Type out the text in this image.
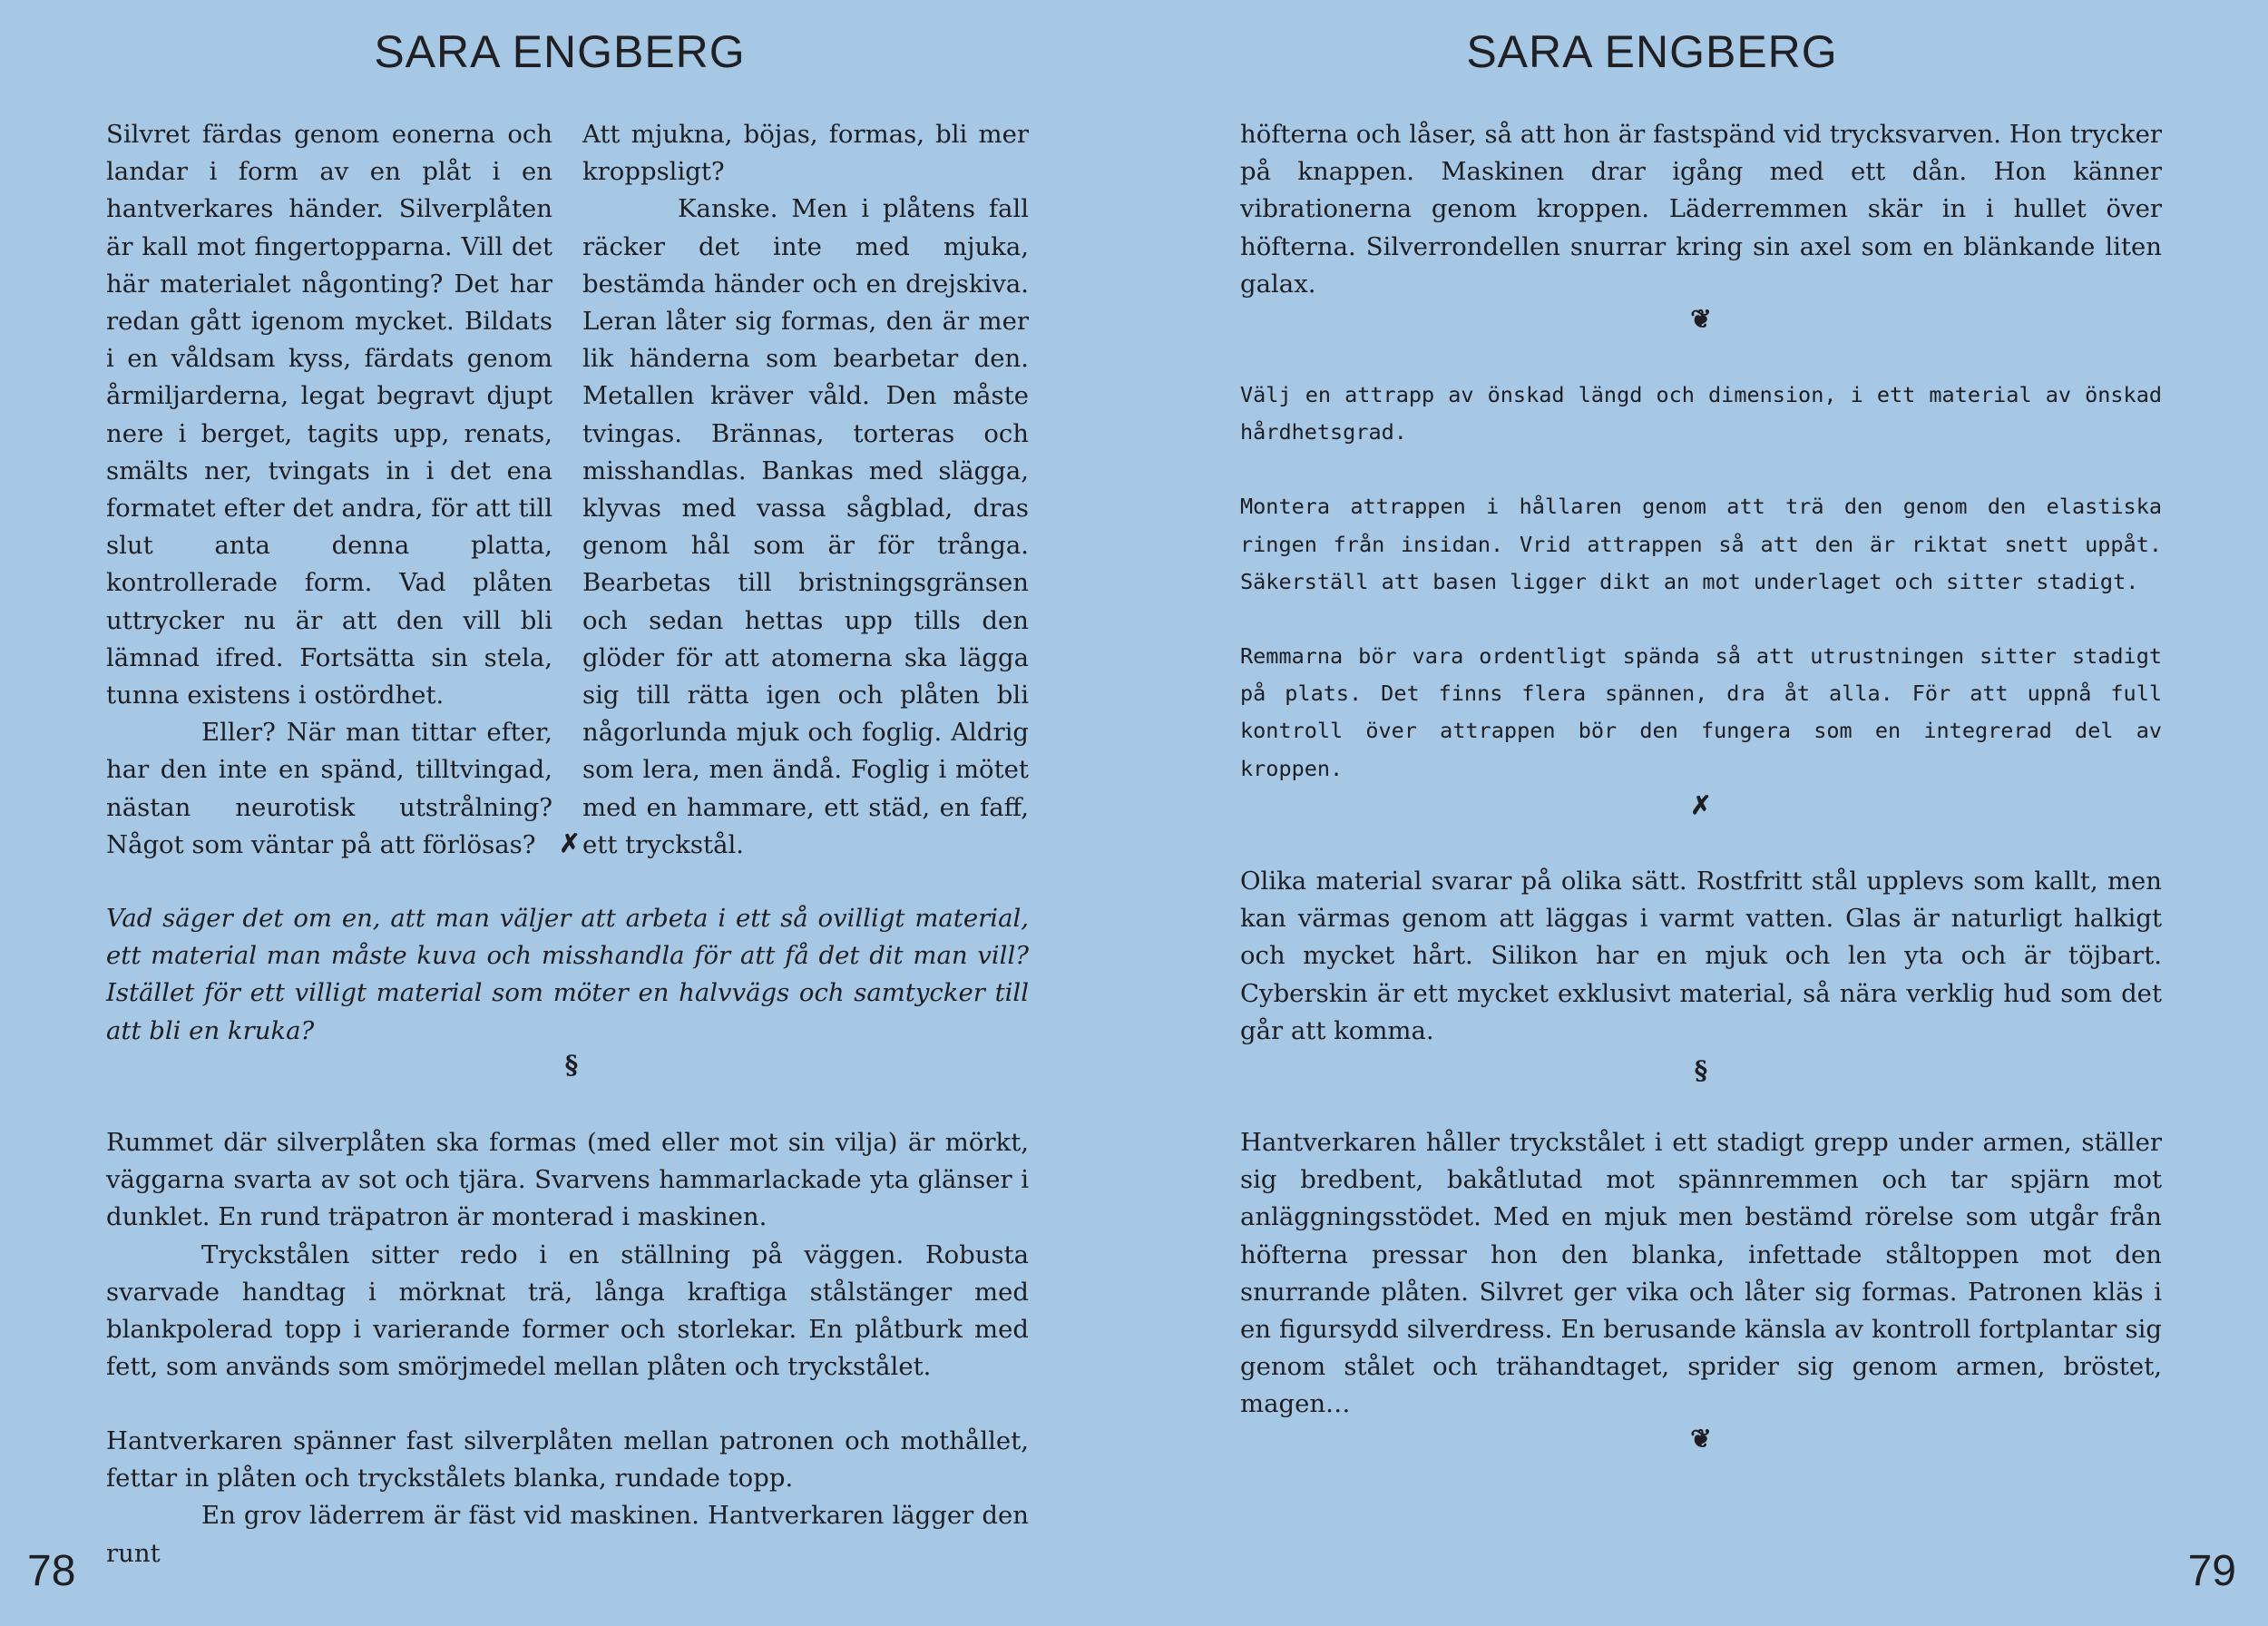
SARA ENGBERG

Silvret färdas genom eonerna och landar i form av en plåt i en hantverkares händer. Silverplåten är kall mot fingertopparna. Vill det här materialet någonting? Det har redan gått igenom mycket. Bildats i en våldsam kyss, färdats genom årmiljarderna, legat begravt djupt nere i berget, tagits upp, renats, smälts ner, tvingats in i det ena formatet efter det andra, för att till slut anta denna platta, kontrollerade form. Vad plåten uttrycker nu är att den vill bli lämnad ifred. Fortsätta sin stela, tunna existens i ostördhet.

Eller? När man tittar efter, har den inte en spänd, tilltvingad, nästan neurotisk utstrålning? Något som väntar på att förlösas?

Att mjukna, böjas, formas, bli mer kroppsligt?

Kanske. Men i plåtens fall räcker det inte med mjuka, bestämda händer och en drejskiva. Leran låter sig formas, den är mer lik händerna som bearbetar den. Metallen kräver våld. Den måste tvingas. Brännas, torteras och misshandlas. Bankas med slägga, klyvas med vassa sågblad, dras genom hål som är för trånga. Bearbetas till bristningsgränsen och sedan hettas upp tills den glöder för att atomerna ska lägga sig till rätta igen och plåten bli någorlunda mjuk och foglig. Aldrig som lera, men ändå. Foglig i mötet med en hammare, ett städ, en faff, ett tryckstål.

✗

Vad säger det om en, att man väljer att arbeta i ett så ovilligt material, ett material man måste kuva och misshandla för att få det dit man vill? Istället för ett villigt material som möter en halvvägs och samtycker till att bli en kruka?

§

Rummet där silverplåten ska formas (med eller mot sin vilja) är mörkt, väggarna svarta av sot och tjära. Svarvens hammarlackade yta glänser i dunklet. En rund träpatron är monterad i maskinen.

Tryckstålen sitter redo i en ställning på väggen. Robusta svarvade handtag i mörknat trä, långa kraftiga stålstänger med blankpolerad topp i varierande former och storlekar. En plåtburk med fett, som används som smörjmedel mellan plåten och tryckstålet.

Hantverkaren spänner fast silverplåten mellan patronen och mothållet, fettar in plåten och tryckstålets blanka, rundade topp.

En grov läderrem är fäst vid maskinen. Hantverkaren lägger den runt

78
SARA ENGBERG

höfterna och låser, så att hon är fastspänd vid trycksvarven. Hon trycker på knappen. Maskinen drar igång med ett dån. Hon känner vibrationerna genom kroppen. Läderremmen skär in i hullet över höfterna. Silverrondellen snurrar kring sin axel som en blänkande liten galax.

❦

Välj en attrapp av önskad längd och dimension, i ett material av önskad hårdhetsgrad.

Montera attrappen i hållaren genom att trä den genom den elastiska ringen från insidan. Vrid attrappen så att den är riktat snett uppåt. Säkerställ att basen ligger dikt an mot underlaget och sitter stadigt.

Remmarna bör vara ordentligt spända så att utrustningen sitter stadigt på plats. Det finns flera spännen, dra åt alla. För att uppnå full kontroll över attrappen bör den fungera som en integrerad del av kroppen.

✗

Olika material svarar på olika sätt. Rostfritt stål upplevs som kallt, men kan värmas genom att läggas i varmt vatten. Glas är naturligt halkigt och mycket hårt. Silikon har en mjuk och len yta och är töjbart. Cyberskin är ett mycket exklusivt material, så nära verklig hud som det går att komma.

§

Hantverkaren håller tryckstålet i ett stadigt grepp under armen, ställer sig bredbent, bakåtlutad mot spännremmen och tar spjärn mot anläggningsstödet. Med en mjuk men bestämd rörelse som utgår från höfterna pressar hon den blanka, infettade ståltoppen mot den snurrande plåten. Silvret ger vika och låter sig formas. Patronen kläs i en figursydd silverdress. En berusande känsla av kontroll fortplantar sig genom stålet och trähandtaget, sprider sig genom armen, bröstet, magen…

❦
79
